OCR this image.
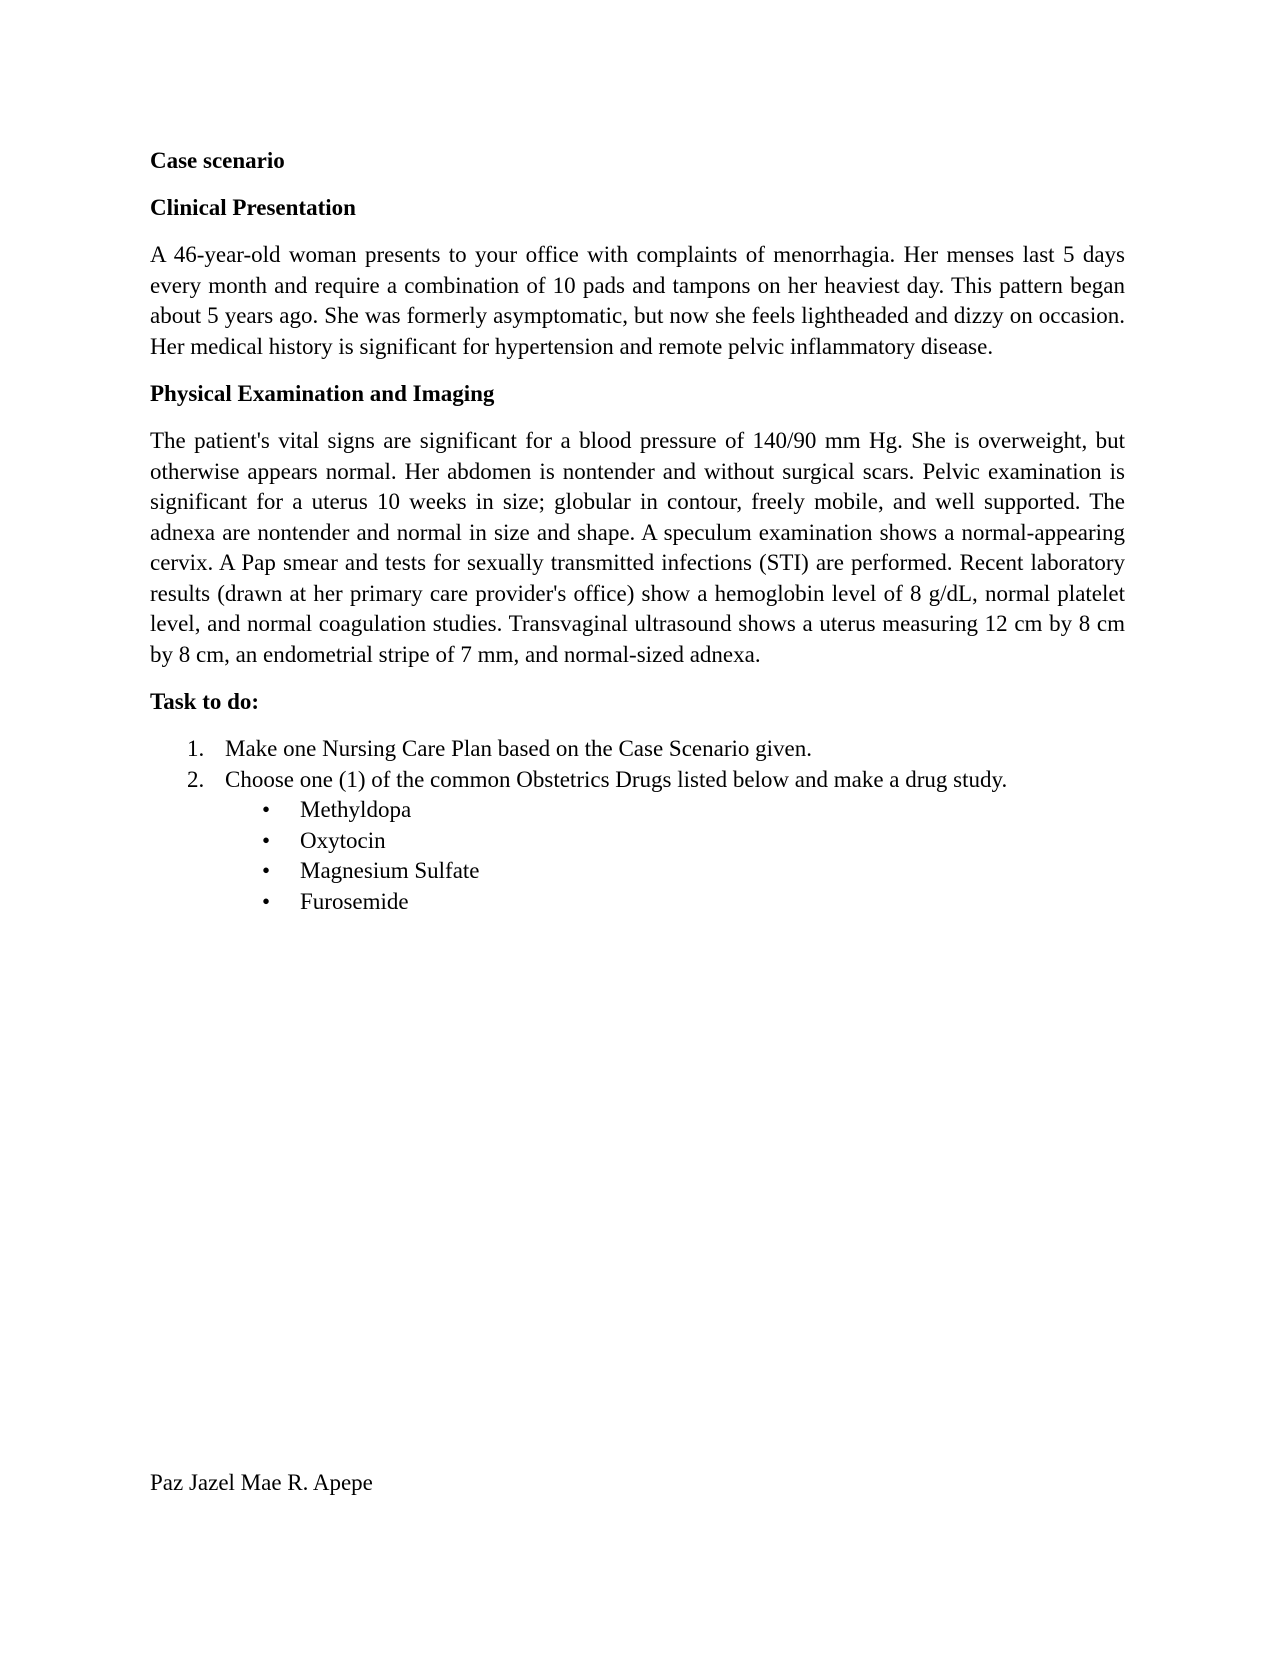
Case scenario
Clinical Presentation
A 46-year-old woman presents to your office with complaints of menorrhagia. Her menses last 5 days every month and require a combination of 10 pads and tampons on her heaviest day. This pattern began about 5 years ago. She was formerly asymptomatic, but now she feels lightheaded and dizzy on occasion. Her medical history is significant for hypertension and remote pelvic inflammatory disease.
Physical Examination and Imaging
The patient's vital signs are significant for a blood pressure of 140/90 mm Hg. She is overweight, but otherwise appears normal. Her abdomen is nontender and without surgical scars. Pelvic examination is significant for a uterus 10 weeks in size; globular in contour, freely mobile, and well supported. The adnexa are nontender and normal in size and shape. A speculum examination shows a normal-appearing cervix. A Pap smear and tests for sexually transmitted infections (STI) are performed. Recent laboratory results (drawn at her primary care provider's office) show a hemoglobin level of 8 g/dL, normal platelet level, and normal coagulation studies. Transvaginal ultrasound shows a uterus measuring 12 cm by 8 cm by 8 cm, an endometrial stripe of 7 mm, and normal-sized adnexa.
Task to do:
1. Make one Nursing Care Plan based on the Case Scenario given.
2. Choose one (1) of the common Obstetrics Drugs listed below and make a drug study.
• Methyldopa
• Oxytocin
• Magnesium Sulfate
• Furosemide
Paz Jazel Mae R. Apepe
